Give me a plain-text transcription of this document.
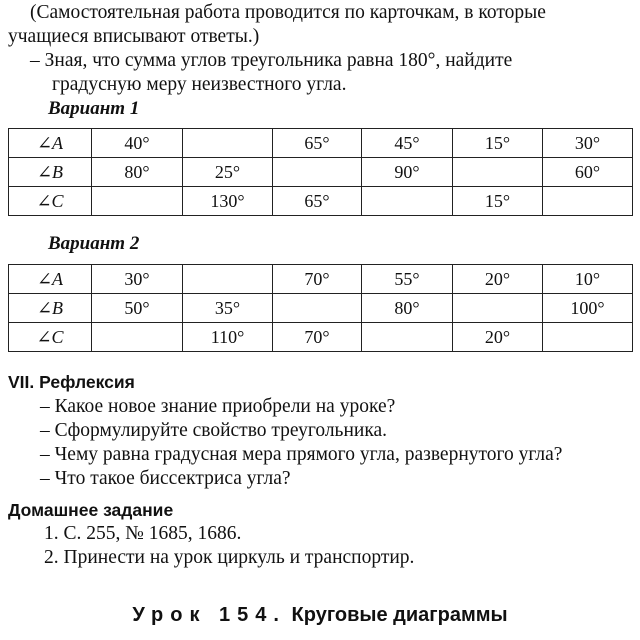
(Самостоятельная работа проводится по карточкам, в которые
учащиеся вписывают ответы.)
– Зная, что сумма углов треугольника равна 180°, найдите
градусную меру неизвестного угла.
Вариант 1
∠A	40°		65°	45°	15°	30°
∠B	80°	25°		90°		60°
∠C		130°	65°		15°	
Вариант 2
∠A	30°		70°	55°	20°	10°
∠B	50°	35°		80°		100°
∠C		110°	70°		20°	
VII. Рефлексия
– Какое новое знание приобрели на уроке?
– Сформулируйте свойство треугольника.
– Чему равна градусная мера прямого угла, развернутого угла?
– Что такое биссектриса угла?
Домашнее задание
1. С. 255, № 1685, 1686.
2. Принести на урок циркуль и транспортир.
Урок 154. Круговые диаграммы
